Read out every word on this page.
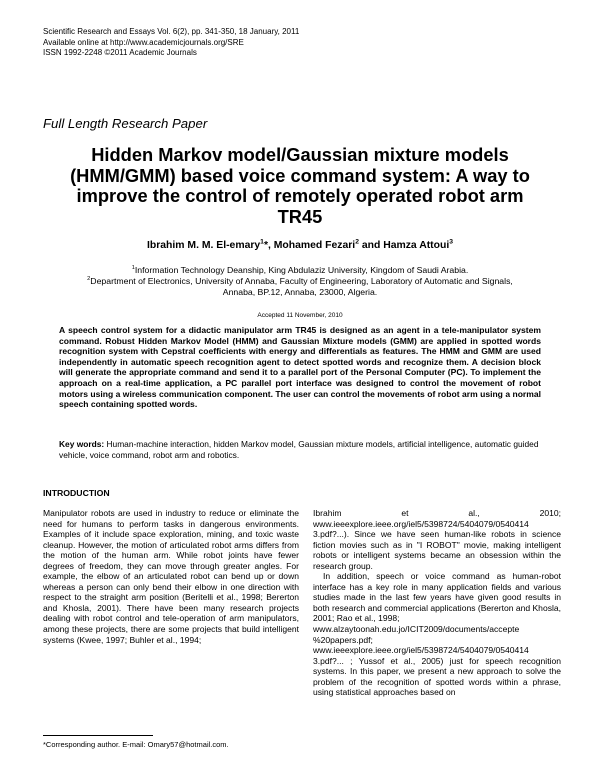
Scientific Research and Essays Vol. 6(2), pp. 341-350, 18 January, 2011
Available online at http://www.academicjournals.org/SRE
ISSN 1992-2248 ©2011 Academic Journals
Full Length Research Paper
Hidden Markov model/Gaussian mixture models
(HMM/GMM) based voice command system: A way to
improve the control of remotely operated robot arm
TR45
Ibrahim M. M. El-emary$^1$*, Mohamed Fezari$^2$ and Hamza Attoui$^3$
$^1$Information Technology Deanship, King Abdulaziz University, Kingdom of Saudi Arabia.
$^2$Department of Electronics, University of Annaba, Faculty of Engineering, Laboratory of Automatic and Signals,
Annaba, BP.12, Annaba, 23000, Algeria.
Accepted 11 November, 2010
A speech control system for a didactic manipulator arm TR45 is designed as an agent in a tele-manipulator system command. Robust Hidden Markov Model (HMM) and Gaussian Mixture models (GMM) are applied in spotted words recognition system with Cepstral coefficients with energy and differentials as features. The HMM and GMM are used independently in automatic speech recognition agent to detect spotted words and recognize them. A decision block will generate the appropriate command and send it to a parallel port of the Personal Computer (PC). To implement the approach on a real-time application, a PC parallel port interface was designed to control the movement of robot motors using a wireless communication component. The user can control the movements of robot arm using a normal speech containing spotted words.
Key words: Human-machine interaction, hidden Markov model, Gaussian mixture models, artificial intelligence, automatic guided vehicle, voice command, robot arm and robotics.
INTRODUCTION

Manipulator robots are used in industry to reduce or eliminate the need for humans to perform tasks in dangerous environments. Examples of it include space exploration, mining, and toxic waste cleanup. However, the motion of articulated robot arms differs from the motion of the human arm. While robot joints have fewer degrees of freedom, they can move through greater angles. For example, the elbow of an articulated robot can bend up or down whereas a person can only bend their elbow in one direction with respect to the straight arm position (Beritelli et al., 1998; Bererton and Khosla, 2001). There have been many research projects dealing with robot control and tele-operation of arm manipulators, among these projects, there are some projects that build intelligent systems (Kwee, 1997; Buhler et al., 1994;

Ibrahim	et	al.,	2010;
www.ieeexplore.ieee.org/iel5/5398724/5404079/0540414

3.pdf?...). Since we have seen human-like robots in science fiction movies such as in "I ROBOT" movie, making intelligent robots or intelligent systems became an obsession within the research group.

In addition, speech or voice command as human-robot interface has a key role in many application fields and various studies made in the last few years have given good results in both research and commercial applications (Bererton and Khosla, 2001; Rao et al., 1998;

www.alzaytoonah.edu.jo/ICIT2009/documents/accepte
%20papers.pdf;
www.ieeexplore.ieee.org/iel5/5398724/5404079/0540414

3.pdf?... ; Yussof et al., 2005) just for speech recognition systems. In this paper, we present a new approach to solve the problem of the recognition of spotted words within a phrase, using statistical approaches based on

*Corresponding author. E-mail: Omary57@hotmail.com.
